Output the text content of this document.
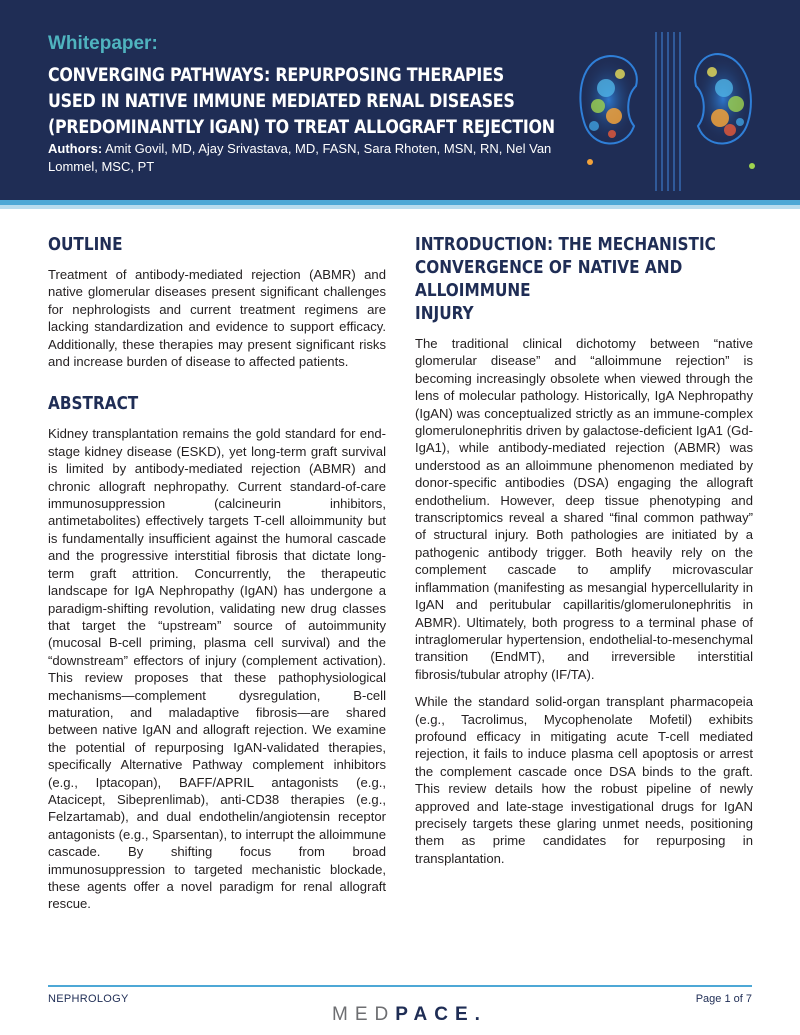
Whitepaper:
CONVERGING PATHWAYS: REPURPOSING THERAPIES
USED IN NATIVE IMMUNE MEDIATED RENAL DISEASES
(PREDOMINANTLY IGAN) TO TREAT ALLOGRAFT REJECTION
Authors: Amit Govil, MD, Ajay Srivastava, MD, FASN, Sara Rhoten, MSN, RN, Nel Van Lommel, MSC, PT
OUTLINE

Treatment of antibody-mediated rejection (ABMR) and native glomerular diseases present significant challenges for nephrologists and current treatment regimens are lacking standardization and evidence to support efficacy. Additionally, these therapies may present significant risks and increase burden of disease to affected patients.

ABSTRACT

Kidney transplantation remains the gold standard for end-stage kidney disease (ESKD), yet long-term graft survival is limited by antibody-mediated rejection (ABMR) and chronic allograft nephropathy. Current standard-of-care immunosuppression (calcineurin inhibitors, antimetabolites) effectively targets T-cell alloimmunity but is fundamentally insufficient against the humoral cascade and the progressive interstitial fibrosis that dictate long-term graft attrition. Concurrently, the therapeutic landscape for IgA Nephropathy (IgAN) has undergone a paradigm-shifting revolution, validating new drug classes that target the “upstream” source of autoimmunity (mucosal B-cell priming, plasma cell survival) and the “downstream” effectors of injury (complement activation). This review proposes that these pathophysiological mechanisms—complement dysregulation, B-cell maturation, and maladaptive fibrosis—are shared between native IgAN and allograft rejection. We examine the potential of repurposing IgAN-validated therapies, specifically Alternative Pathway complement inhibitors (e.g., Iptacopan), BAFF/APRIL antagonists (e.g., Atacicept, Sibeprenlimab), anti-CD38 therapies (e.g., Felzartamab), and dual endothelin/angiotensin receptor antagonists (e.g., Sparsentan), to interrupt the alloimmune cascade. By shifting focus from broad immunosuppression to targeted mechanistic blockade, these agents offer a novel paradigm for renal allograft rescue.

INTRODUCTION: THE MECHANISTIC
CONVERGENCE OF NATIVE AND ALLOIMMUNE
INJURY

The traditional clinical dichotomy between “native glomerular disease” and “alloimmune rejection” is becoming increasingly obsolete when viewed through the lens of molecular pathology. Historically, IgA Nephropathy (IgAN) was conceptualized strictly as an immune-complex glomerulonephritis driven by galactose-deficient IgA1 (Gd-IgA1), while antibody-mediated rejection (ABMR) was understood as an alloimmune phenomenon mediated by donor-specific antibodies (DSA) engaging the allograft endothelium. However, deep tissue phenotyping and transcriptomics reveal a shared “final common pathway” of structural injury. Both pathologies are initiated by a pathogenic antibody trigger. Both heavily rely on the complement cascade to amplify microvascular inflammation (manifesting as mesangial hypercellularity in IgAN and peritubular capillaritis/glomerulonephritis in ABMR). Ultimately, both progress to a terminal phase of intraglomerular hypertension, endothelial-to-mesenchymal transition (EndMT), and irreversible interstitial fibrosis/tubular atrophy (IF/TA).

While the standard solid-organ transplant pharmacopeia (e.g., Tacrolimus, Mycophenolate Mofetil) exhibits profound efficacy in mitigating acute T-cell mediated rejection, it fails to induce plasma cell apoptosis or arrest the complement cascade once DSA binds to the graft. This review details how the robust pipeline of newly approved and late-stage investigational drugs for IgAN precisely targets these glaring unmet needs, positioning them as prime candidates for repurposing in transplantation.

NEPHROLOGY	Page 1 of 7
MEDPACE.
